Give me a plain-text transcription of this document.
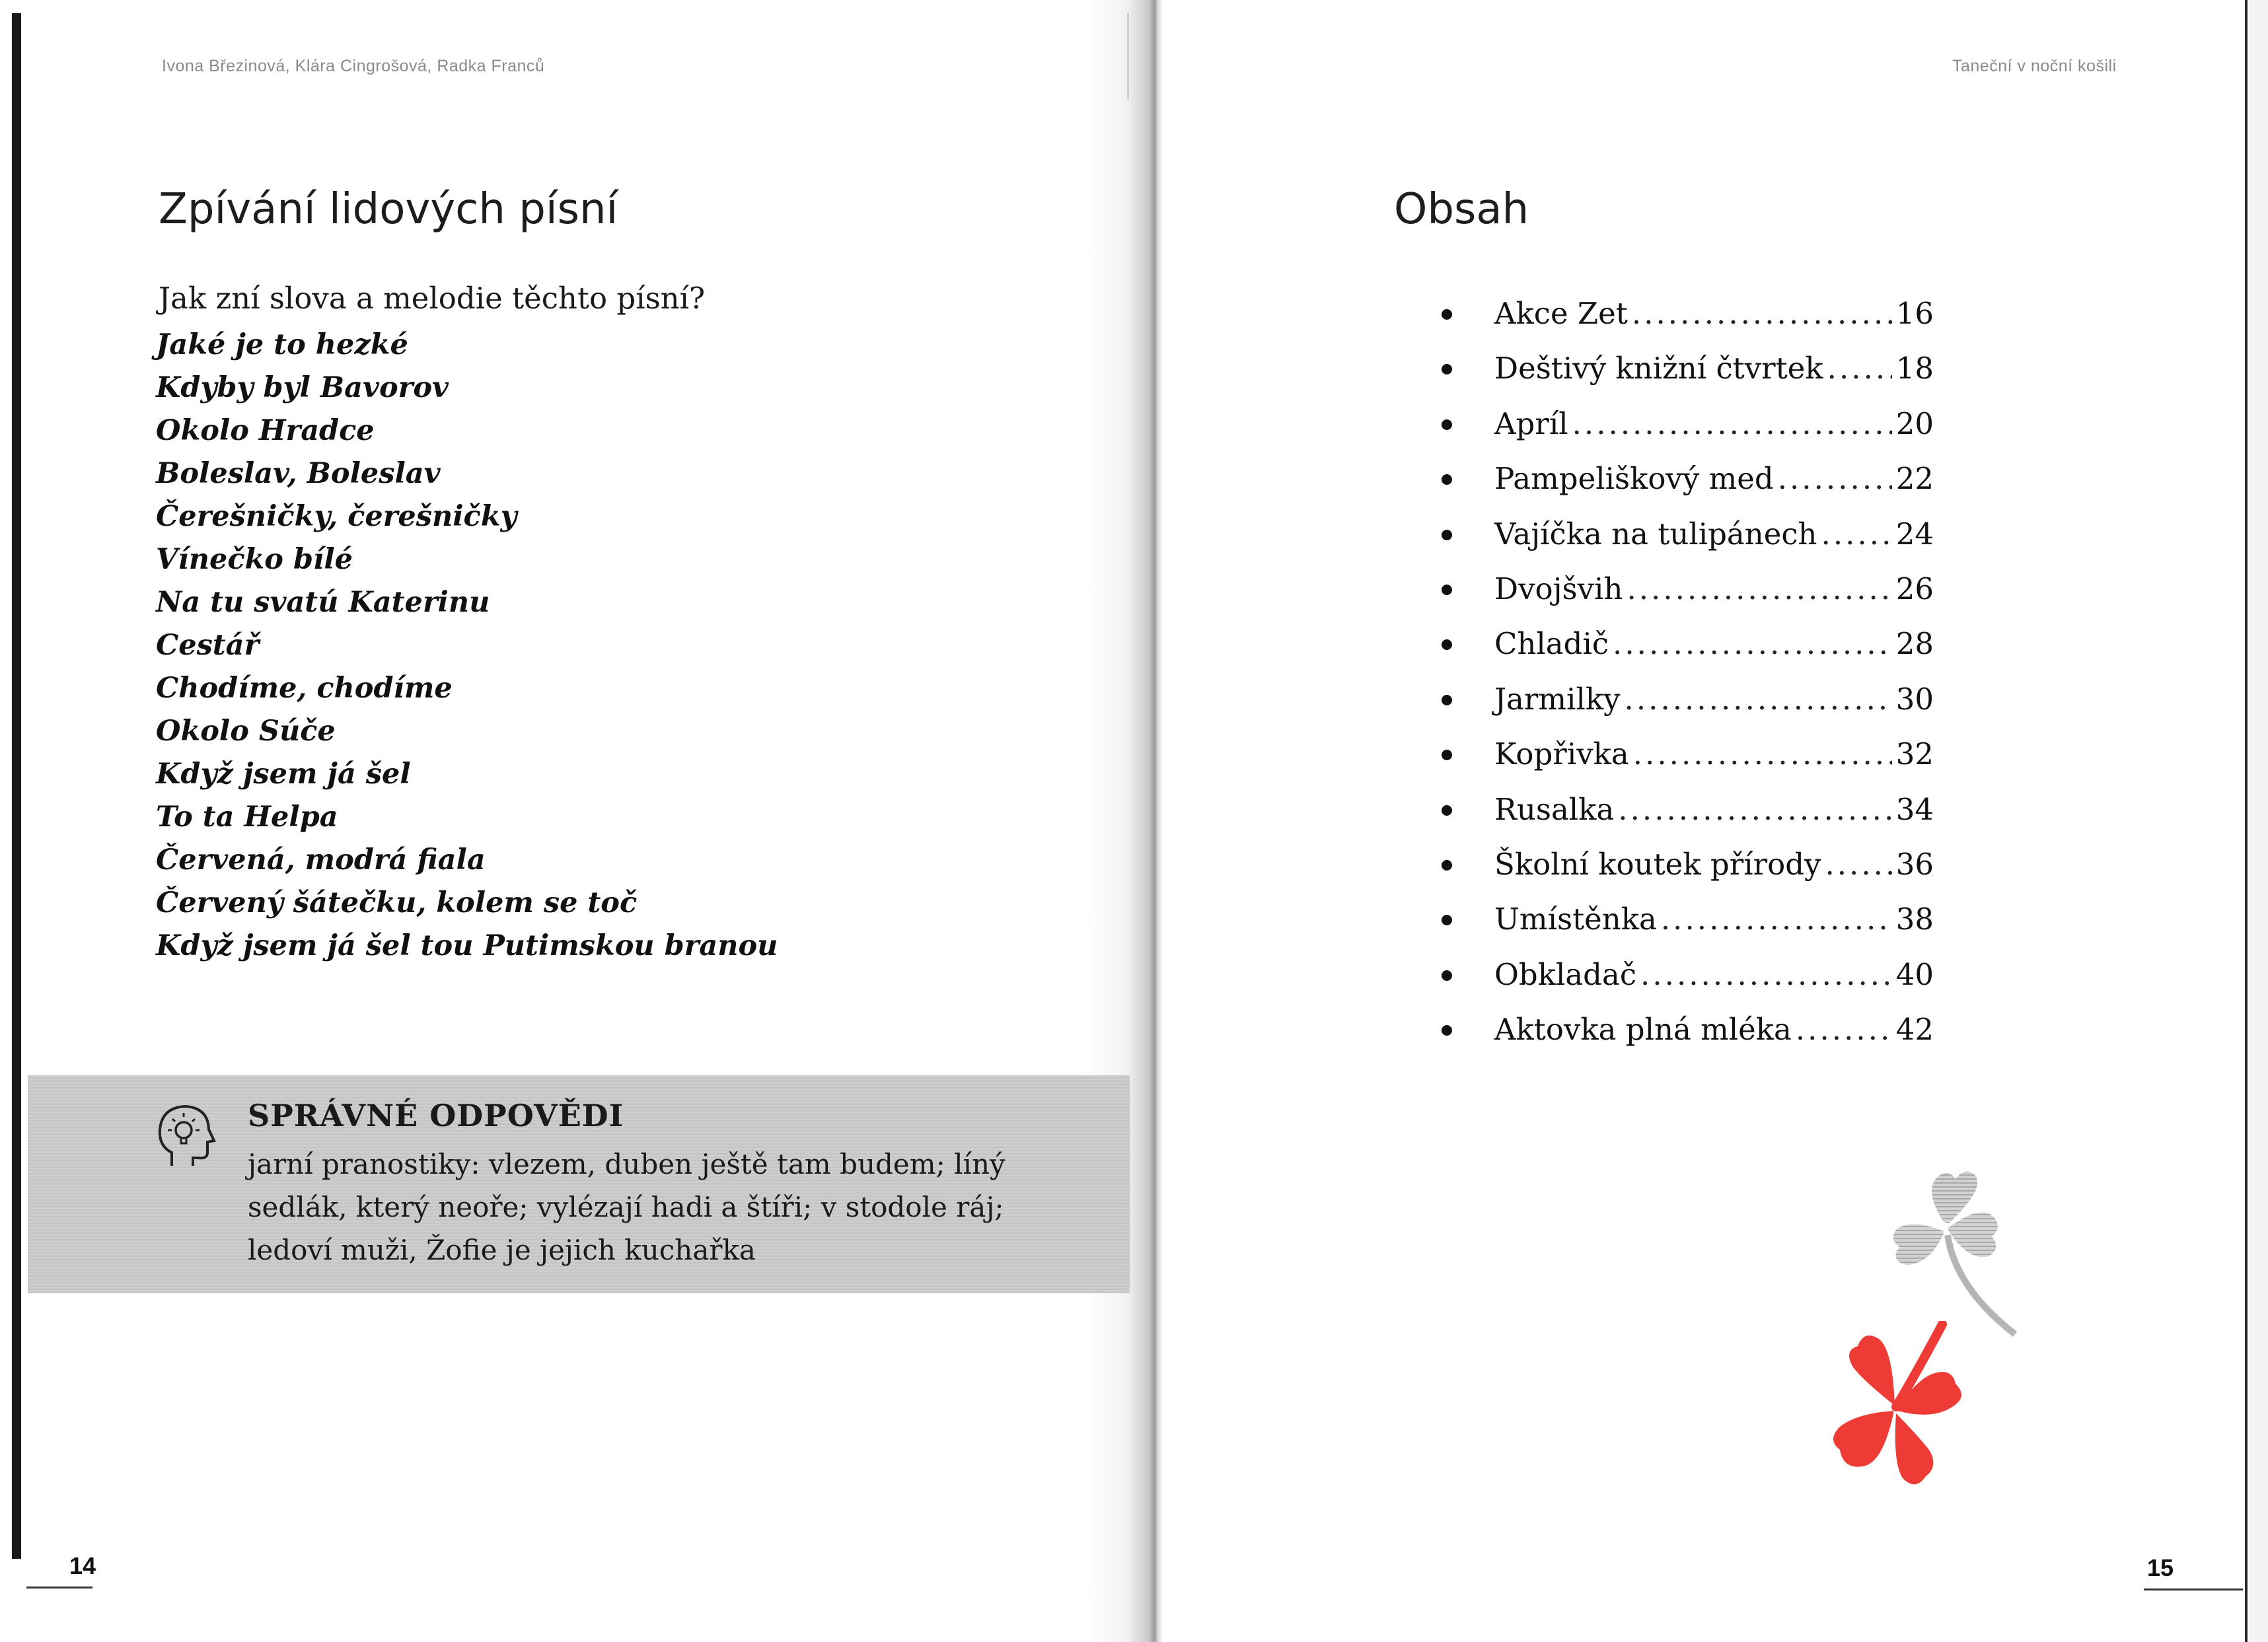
Ivona Březinová, Klára Cingrošová, Radka Franců
Zpívání lidových písní

Jak zní slova a melodie těchto písní?

Jaké je to hezké
Kdyby byl Bavorov
Okolo Hradce
Boleslav, Boleslav
Čerešničky, čerešničky
Vínečko bílé
Na tu svatú Katerinu
Cestář
Chodíme, chodíme
Okolo Súče
Když jsem já šel
To ta Helpa
Červená, modrá fiala
Červený šátečku, kolem se toč
Když jsem já šel tou Putimskou branou
SPRÁVNÉ ODPOVĚDI

jarní pranostiky: vlezem, duben ještě tam budem; líný sedlák, který neoře; vylézají hadi a štíři; v stodole ráj; ledoví muži, Žofie je jejich kuchařka

14

Taneční v noční košili
Obsah
Akce Zet .....	16
Deštivý knižní čtvrtek ..... 18
Apríl .....	20
Pampeliškový med .....	22
Vajíčka na tulipánech .....	24
Dvojšvih .....	26
Chladič .....	28
Jarmilky .....	30
Kopřivka .....	32
Rusalka .....	34
Školní koutek přírody .....	36
Umístěnka .....	38
Obkladač .....	40
Aktovka plná mléka .....	42

15
